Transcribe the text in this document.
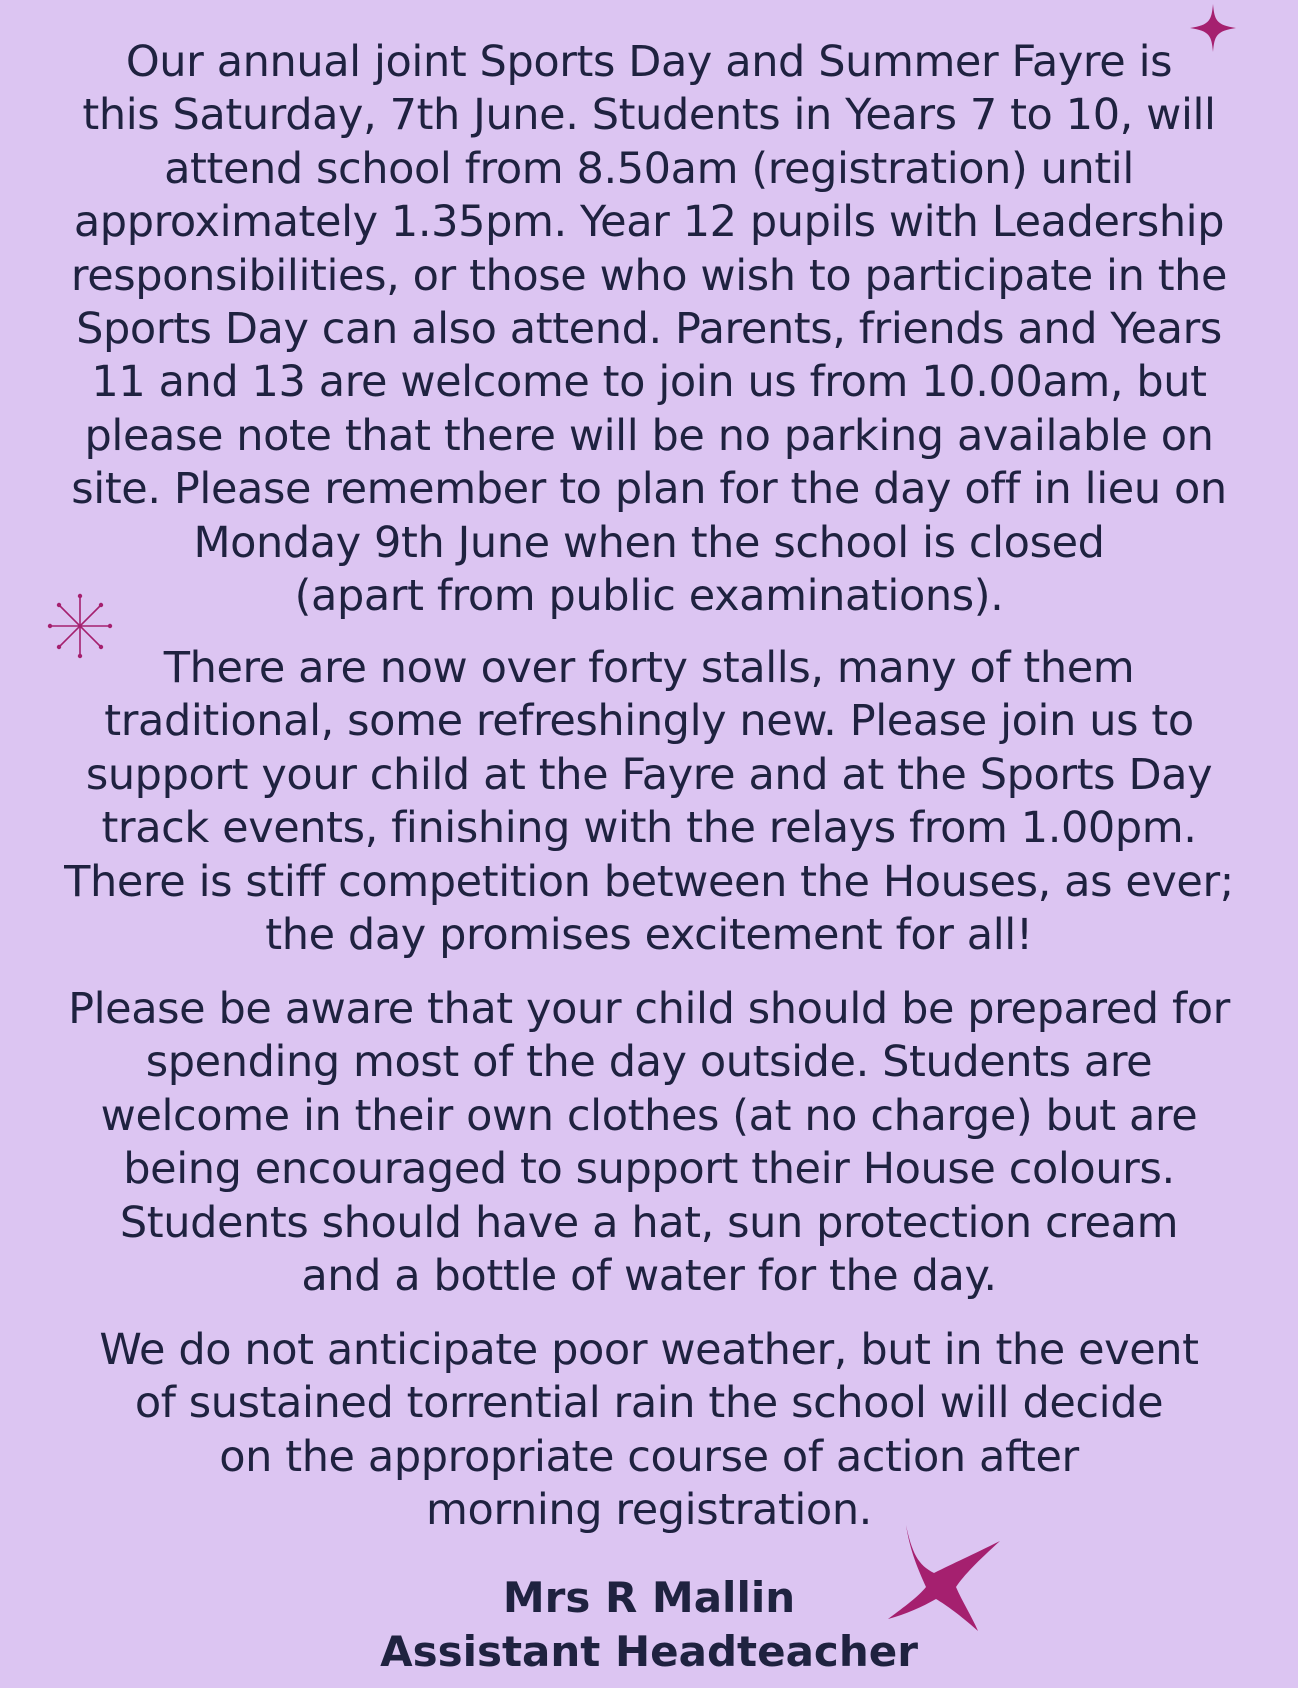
Our annual joint Sports Day and Summer Fayre is
this Saturday, 7th June. Students in Years 7 to 10, will
attend school from 8.50am (registration) until
approximately 1.35pm. Year 12 pupils with Leadership
responsibilities, or those who wish to participate in the
Sports Day can also attend. Parents, friends and Years
11 and 13 are welcome to join us from 10.00am, but
please note that there will be no parking available on
site. Please remember to plan for the day off in lieu on
Monday 9th June when the school is closed
(apart from public examinations).

There are now over forty stalls, many of them
traditional, some refreshingly new. Please join us to
support your child at the Fayre and at the Sports Day
track events, finishing with the relays from 1.00pm.
There is stiff competition between the Houses, as ever;
the day promises excitement for all!

Please be aware that your child should be prepared for
spending most of the day outside. Students are
welcome in their own clothes (at no charge) but are
being encouraged to support their House colours.
Students should have a hat, sun protection cream
and a bottle of water for the day.

We do not anticipate poor weather, but in the event
of sustained torrential rain the school will decide
on the appropriate course of action after
morning registration.

Mrs R Mallin
Assistant Headteacher
